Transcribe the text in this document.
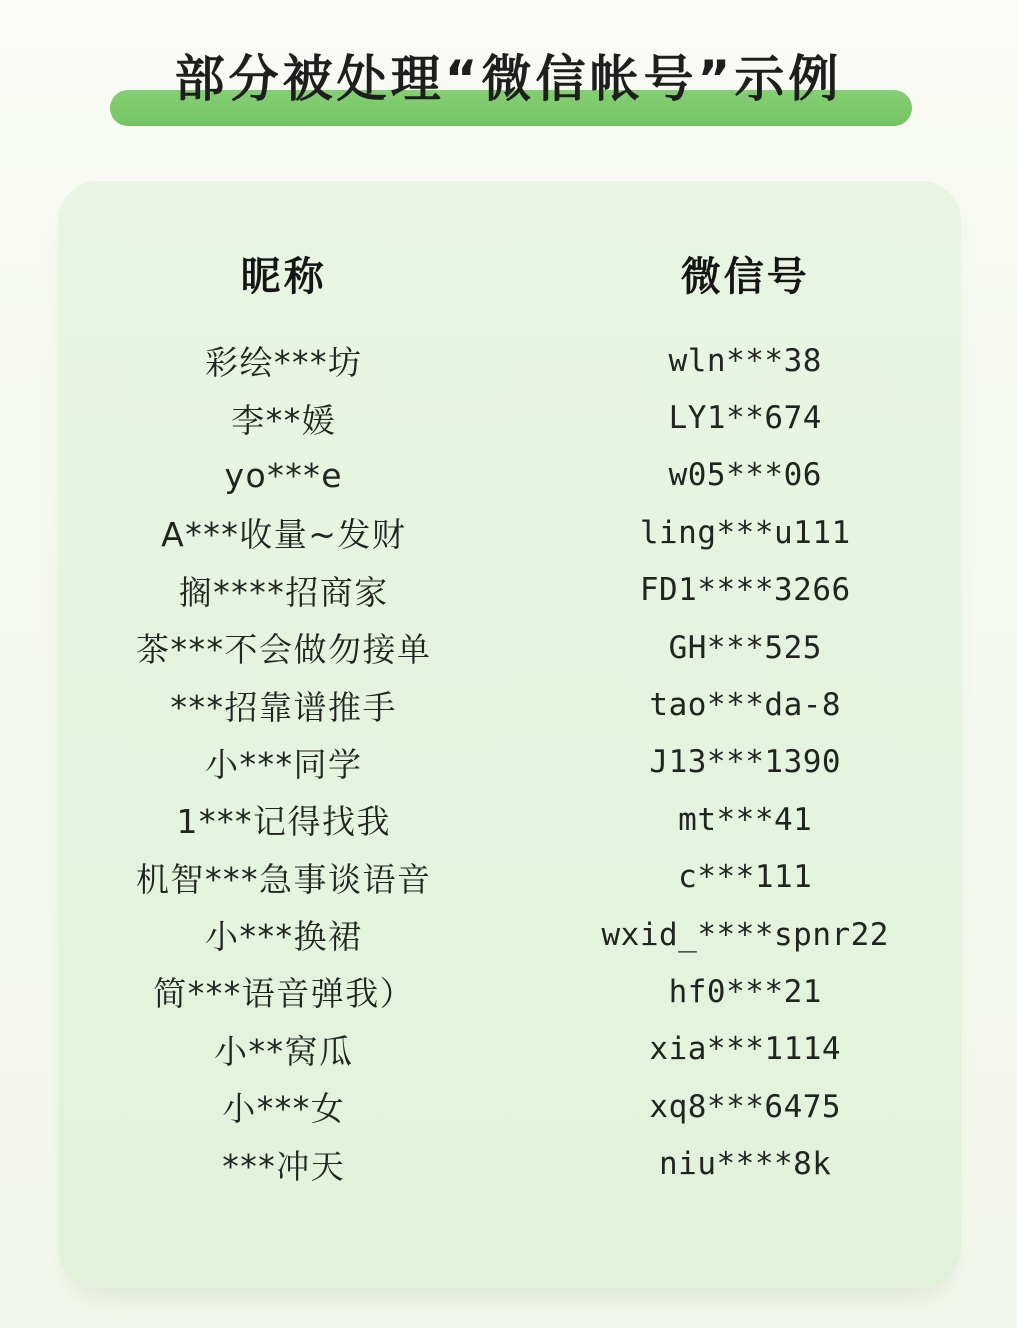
部分被处理“微信帐号”示例
昵称	微信号
彩绘***坊	wln***38
李**媛	LY1**674
yo***e	w05***06
A***收量~发财	ling***u111
搁****招商家	FD1****3266
茶***不会做勿接单	GH***525
***招靠谱推手	tao***da-8
小***同学	J13***1390
1***记得找我	mt***41
机智***急事谈语音	c***111
小***换裙	wxid_****spnr22
简***语音弹我）	hf0***21
小**窝瓜	xia***1114
小***女	xq8***6475
***冲天	niu****8k
